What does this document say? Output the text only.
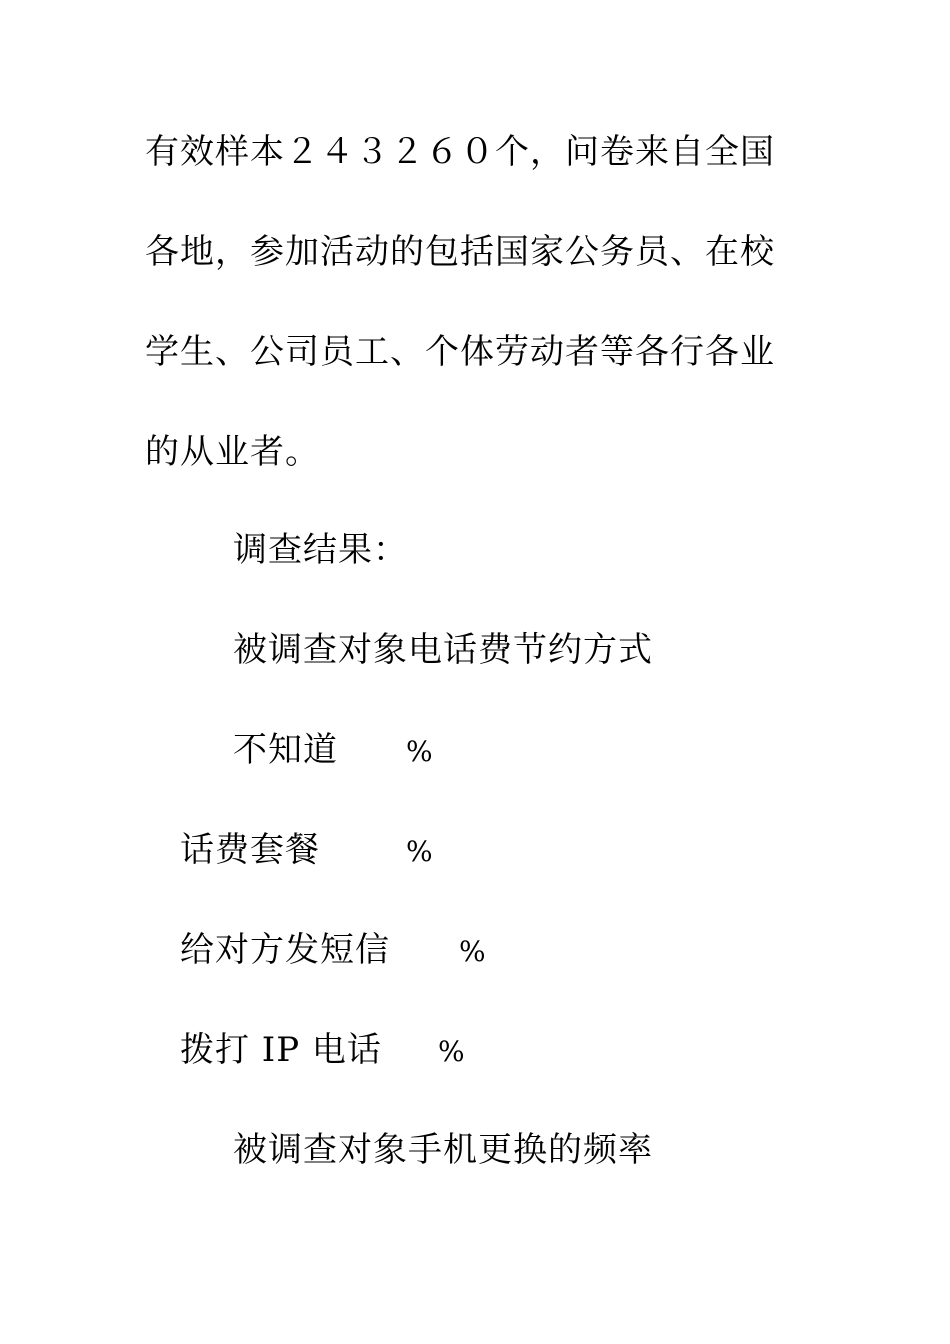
有效样本２４３２６０个，问卷来自全国
各地，参加活动的包括国家公务员、在校
学生、公司员工、个体劳动者等各行各业
的从业者。
调查结果：
被调查对象电话费节约方式
不知道 %
话费套餐	%
给对方发短信 %
拨打 IP 电话 %
被调查对象手机更换的频率
